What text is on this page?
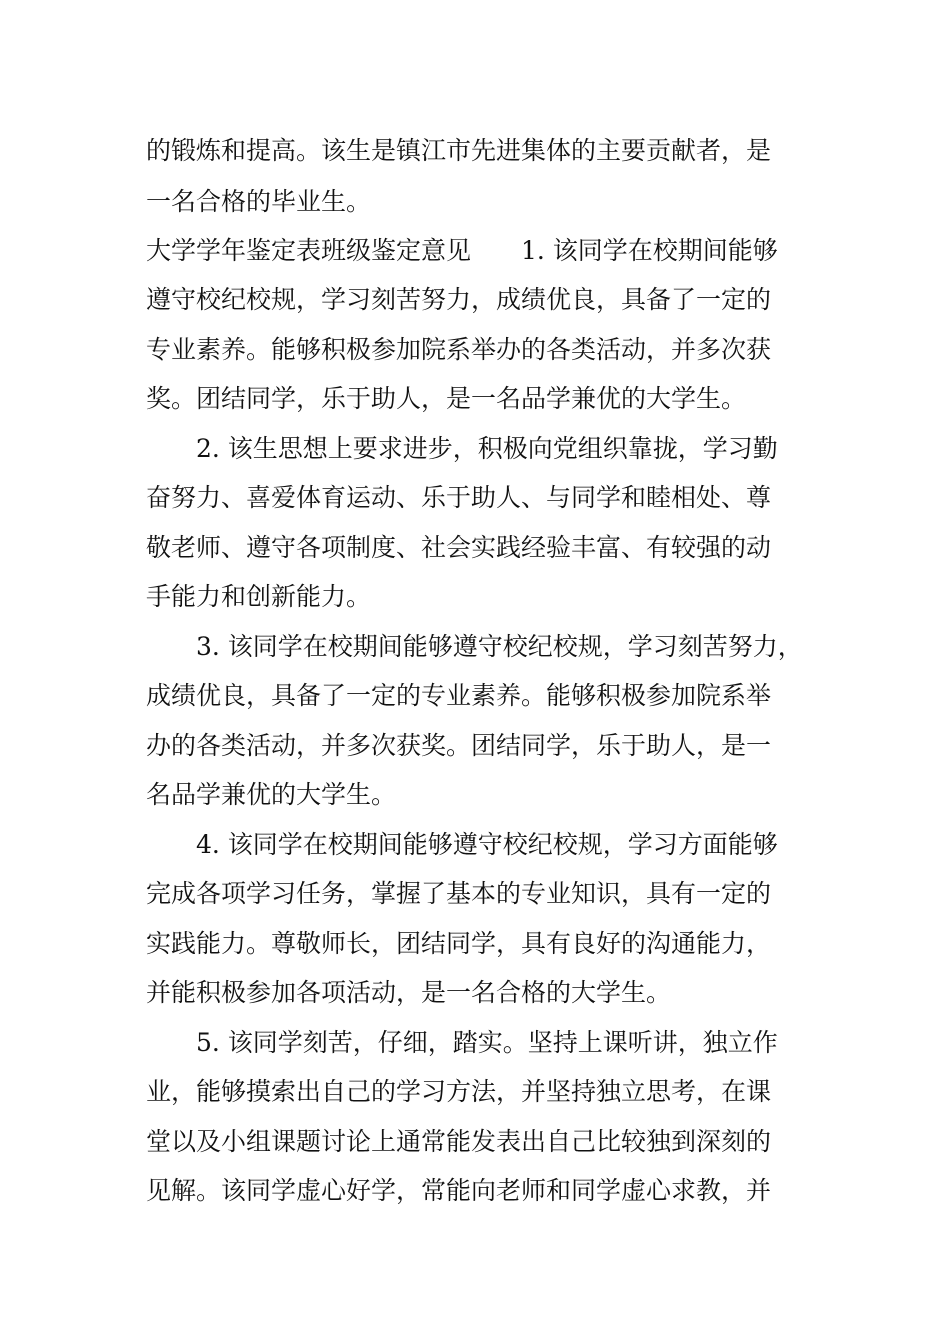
的锻炼和提高。该生是镇江市先进集体的主要贡献者，是

一名合格的毕业生。

大学学年鉴定表班级鉴定意见　　1. 该同学在校期间能够

遵守校纪校规，学习刻苦努力，成绩优良，具备了一定的

专业素养。能够积极参加院系举办的各类活动，并多次获

奖。团结同学，乐于助人，是一名品学兼优的大学生。

2. 该生思想上要求进步，积极向党组织靠拢，学习勤

奋努力、喜爱体育运动、乐于助人、与同学和睦相处、尊

敬老师、遵守各项制度、社会实践经验丰富、有较强的动

手能力和创新能力。

3. 该同学在校期间能够遵守校纪校规，学习刻苦努力，

成绩优良，具备了一定的专业素养。能够积极参加院系举

办的各类活动，并多次获奖。团结同学，乐于助人，是一

名品学兼优的大学生。

4. 该同学在校期间能够遵守校纪校规，学习方面能够

完成各项学习任务，掌握了基本的专业知识，具有一定的

实践能力。尊敬师长，团结同学，具有良好的沟通能力，

并能积极参加各项活动，是一名合格的大学生。

5. 该同学刻苦，仔细，踏实。坚持上课听讲，独立作

业，能够摸索出自己的学习方法，并坚持独立思考，在课

堂以及小组课题讨论上通常能发表出自己比较独到深刻的

见解。该同学虚心好学，常能向老师和同学虚心求教，并
